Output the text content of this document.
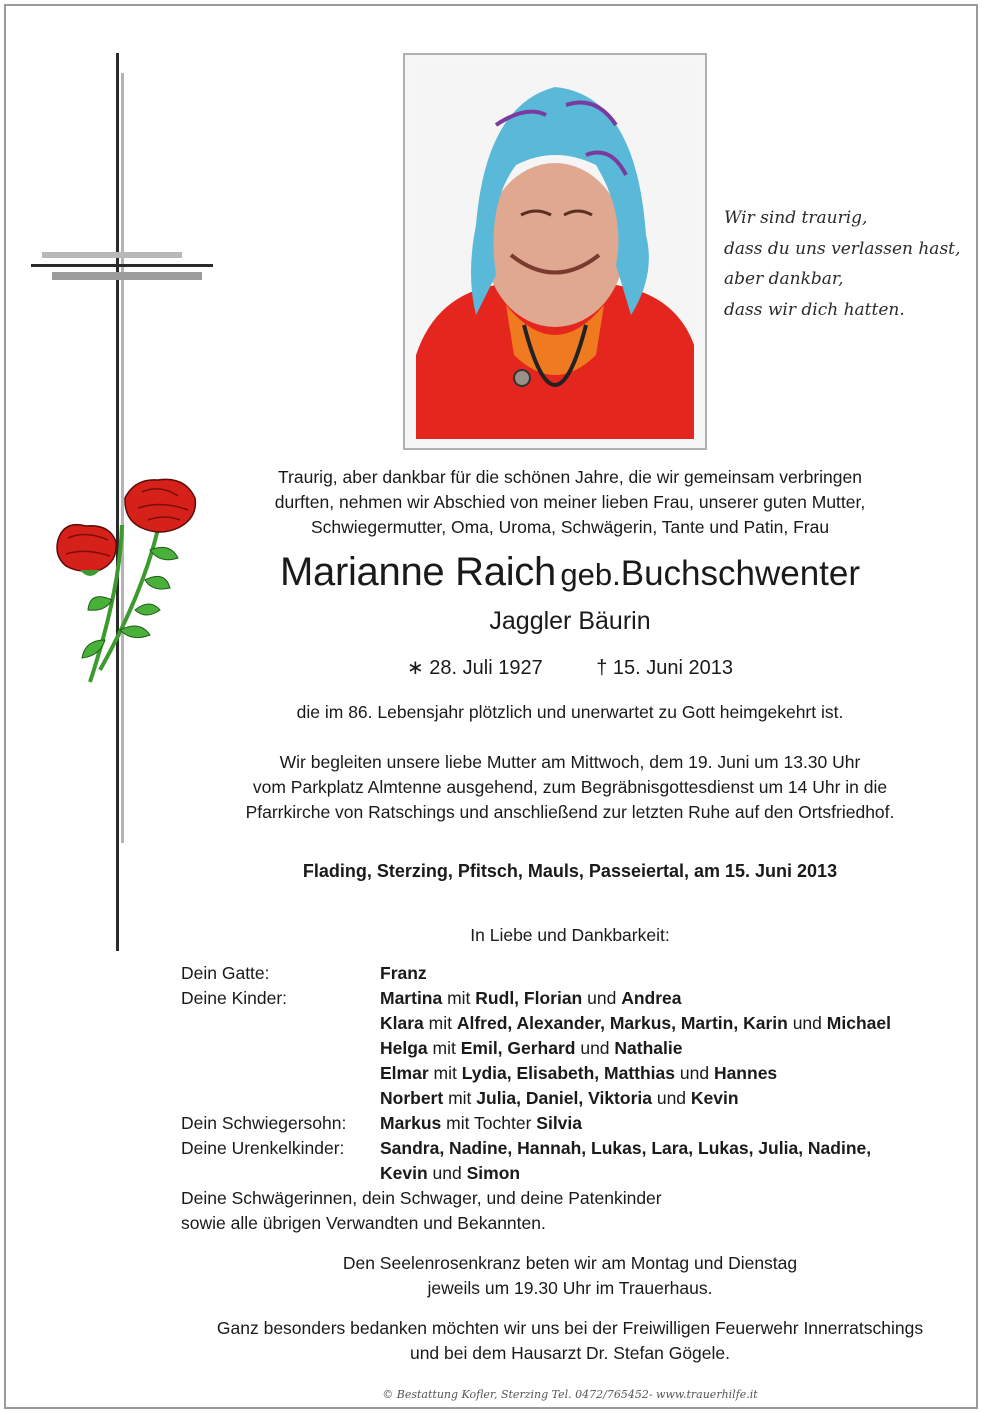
Wir sind traurig,
dass du uns verlassen hast,
aber dankbar,
dass wir dich hatten.
Traurig, aber dankbar für die schönen Jahre, die wir gemeinsam verbringen
durften, nehmen wir Abschied von meiner lieben Frau, unserer guten Mutter,
Schwiegermutter, Oma, Uroma, Schwägerin, Tante und Patin, Frau
Marianne Raich geb.Buchschwenter
Jaggler Bäurin
∗ 28. Juli 1927	† 15. Juni 2013
die im 86. Lebensjahr plötzlich und unerwartet zu Gott heimgekehrt ist.
Wir begleiten unsere liebe Mutter am Mittwoch, dem 19. Juni um 13.30 Uhr
vom Parkplatz Almtenne ausgehend, zum Begräbnisgottesdienst um 14 Uhr in die
Pfarrkirche von Ratschings und anschließend zur letzten Ruhe auf den Ortsfriedhof.
Flading, Sterzing, Pfitsch, Mauls, Passeiertal, am 15. Juni 2013
In Liebe und Dankbarkeit:
Dein Gatte:	Franz
Deine Kinder:	Martina mit Rudl, Florian und Andrea
Klara mit Alfred, Alexander, Markus, Martin, Karin und Michael
Helga mit Emil, Gerhard und Nathalie
Elmar mit Lydia, Elisabeth, Matthias und Hannes
Norbert mit Julia, Daniel, Viktoria und Kevin
Dein Schwiegersohn: Markus mit Tochter Silvia
Deine Urenkelkinder: Sandra, Nadine, Hannah, Lukas, Lara, Lukas, Julia, Nadine,
Kevin und Simon
Deine Schwägerinnen, dein Schwager, und deine Patenkinder
sowie alle übrigen Verwandten und Bekannten.
Den Seelenrosenkranz beten wir am Montag und Dienstag
jeweils um 19.30 Uhr im Trauerhaus.
Ganz besonders bedanken möchten wir uns bei der Freiwilligen Feuerwehr Innerratschings
und bei dem Hausarzt Dr. Stefan Gögele.
© Bestattung Kofler, Sterzing Tel. 0472/765452- www.trauerhilfe.it
